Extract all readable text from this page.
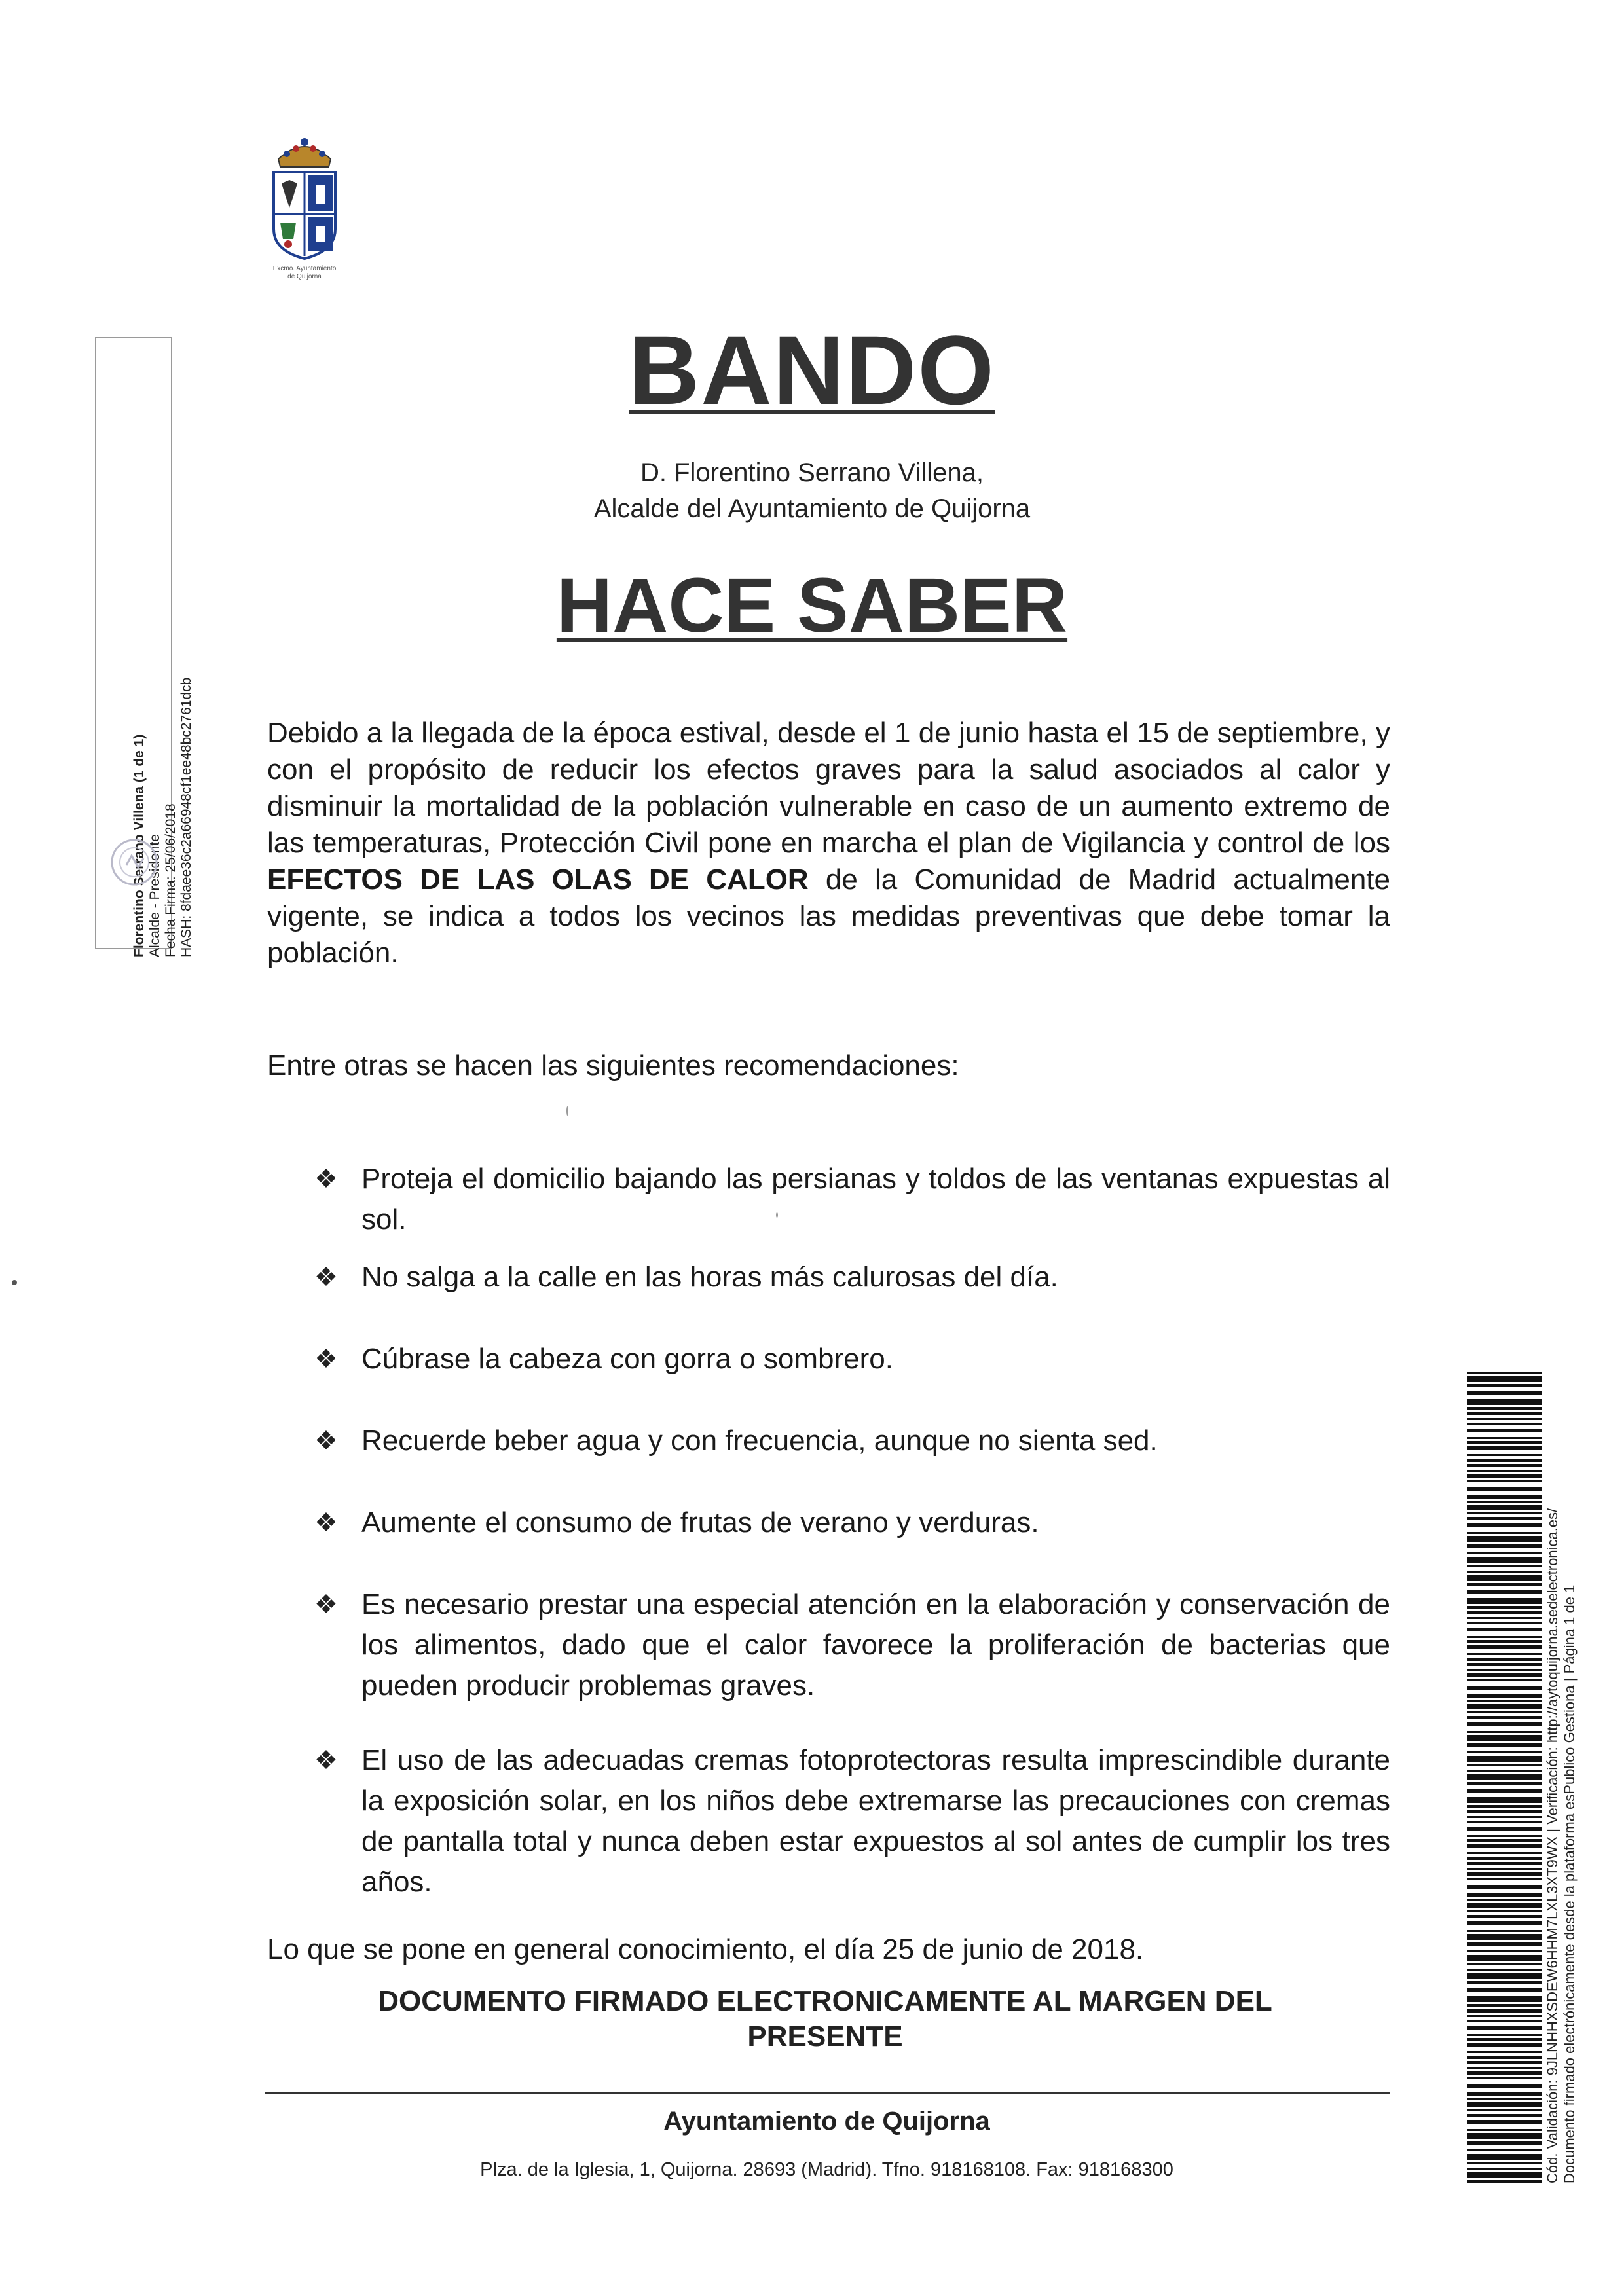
Excmo. Ayuntamiento
de Quijorna
Florentino Serrano Villena (1 de 1) Alcalde - Presidente Fecha Firma: 25/06/2018 HASH: 8fdaee36c2a66948cf1ee48bc2761dcb
BANDO
D. Florentino Serrano Villena,
Alcalde del Ayuntamiento de Quijorna
HACE SABER
Debido a la llegada de la época estival, desde el 1 de junio hasta el 15 de septiembre, y con el propósito de reducir los efectos graves para la salud asociados al calor y disminuir la mortalidad de la población vulnerable en caso de un aumento extremo de las temperaturas, Protección Civil pone en marcha el plan de Vigilancia y control de los EFECTOS DE LAS OLAS DE CALOR de la Comunidad de Madrid actualmente vigente, se indica a todos los vecinos las medidas preventivas que debe tomar la población.
Entre otras se hacen las siguientes recomendaciones:
❖ Proteja el domicilio bajando las persianas y toldos de las ventanas expuestas al sol.
❖ No salga a la calle en las horas más calurosas del día.
❖ Cúbrase la cabeza con gorra o sombrero.
❖ Recuerde beber agua y con frecuencia, aunque no sienta sed.
❖ Aumente el consumo de frutas de verano y verduras.
❖ Es necesario prestar una especial atención en la elaboración y conservación de los alimentos, dado que el calor favorece la proliferación de bacterias que pueden producir problemas graves.
❖ El uso de las adecuadas cremas fotoprotectoras resulta imprescindible durante la exposición solar, en los niños debe extremarse las precauciones con cremas de pantalla total y nunca deben estar expuestos al sol antes de cumplir los tres años.
Lo que se pone en general conocimiento, el día 25 de junio de 2018.
DOCUMENTO FIRMADO ELECTRONICAMENTE AL MARGEN DEL PRESENTE
Ayuntamiento de Quijorna
Plza. de la Iglesia, 1, Quijorna. 28693 (Madrid). Tfno. 918168108. Fax: 918168300	Cód. Validación: 9JLNHHXSDEW6HHM7LXL3XT9WX | Verificación: http://aytoquijorna.sedelectronica.es/ Documento firmado electrónicamente desde la plataforma esPublico Gestiona | Página 1 de 1
